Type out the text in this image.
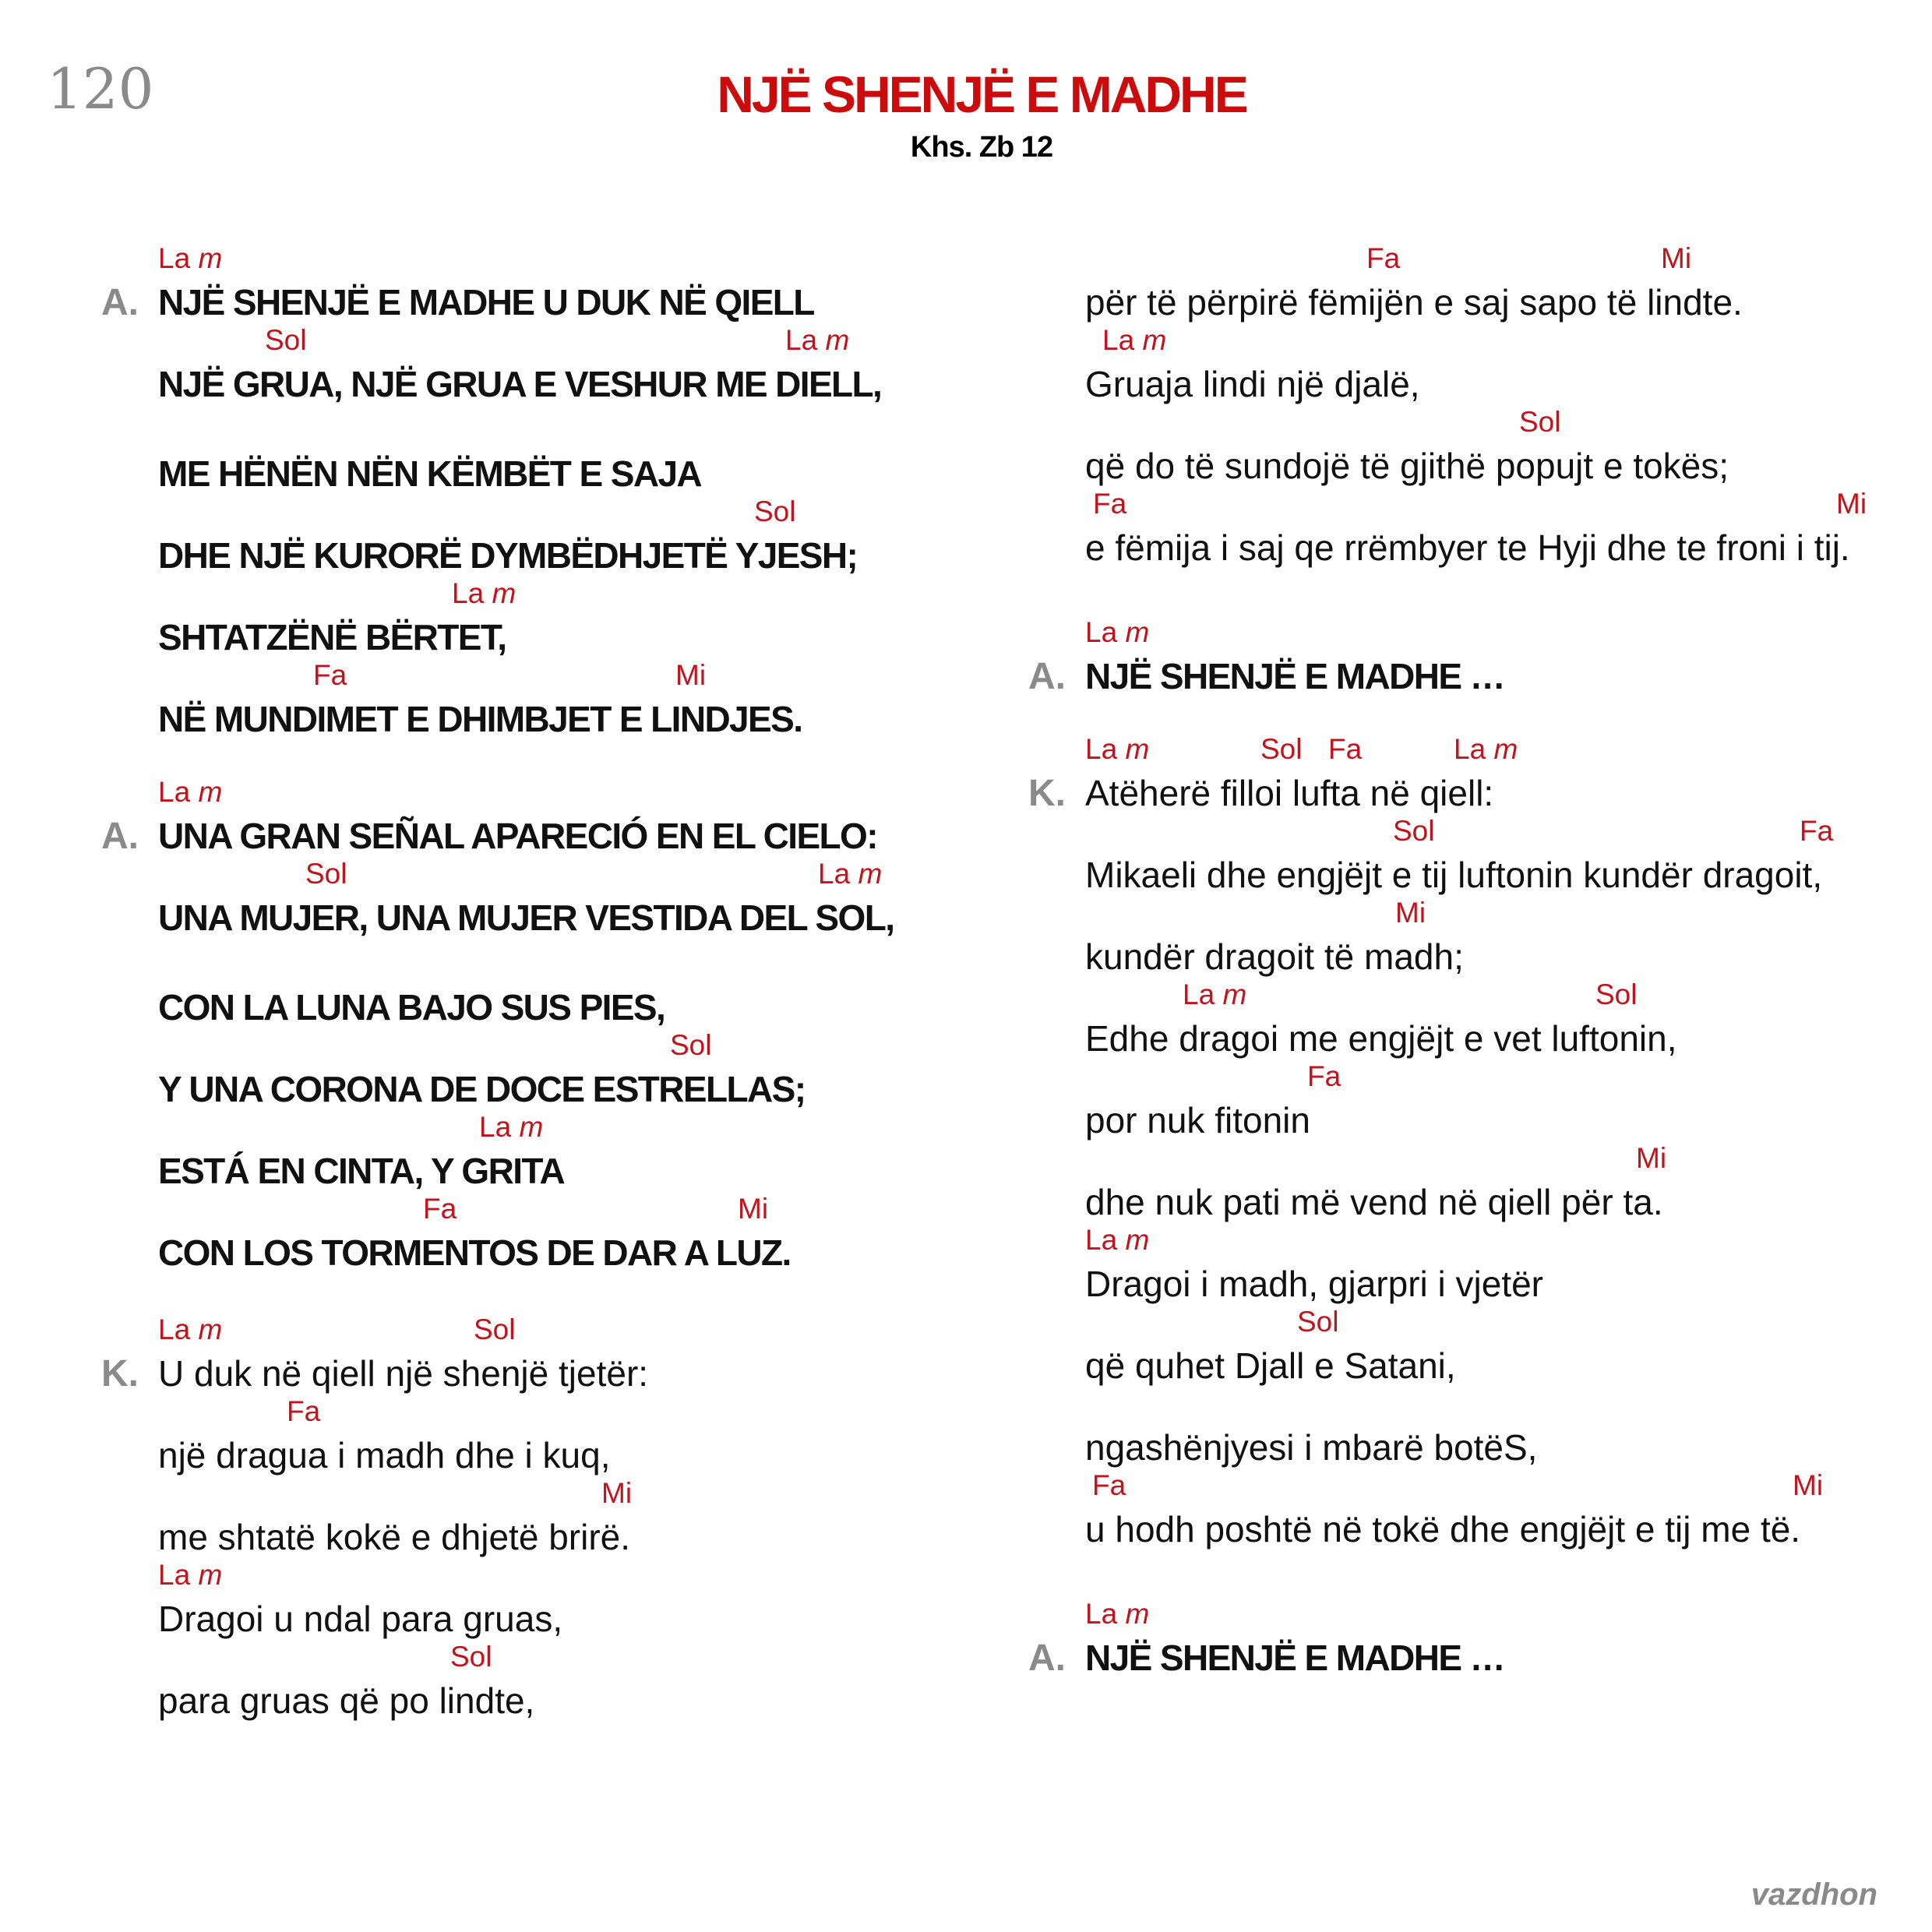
120	NJË SHENJË E MADHE
Khs. Zb 12
La m
A. NJË SHENJË E MADHE U DUK NË QIELL
Sol	La m
NJË GRUA, NJË GRUA E VESHUR ME DIELL,
ME HËNËN NËN KËMBËT E SAJA
Sol
DHE NJË KURORË DYMBËDHJETË YJESH;
La m
SHTATZËNË BËRTET,
Fa	Mi
NË MUNDIMET E DHIMBJET E LINDJES.
La m
A. UNA GRAN SEÑAL APARECIÓ EN EL CIELO:
Sol	La m
UNA MUJER, UNA MUJER VESTIDA DEL SOL,
CON LA LUNA BAJO SUS PIES,
Sol
Y UNA CORONA DE DOCE ESTRELLAS;
La m
ESTÁ EN CINTA, Y GRITA
Fa	Mi
CON LOS TORMENTOS DE DAR A LUZ.
La m	Sol
K. U duk në qiell një shenjë tjetër:
Fa
një dragua i madh dhe i kuq,
Mi
me shtatë kokë e dhjetë brirë.
La m
Dragoi u ndal para gruas,
Sol
para gruas që po lindte,
Fa	Mi
për të përpirë fëmijën e saj sapo të lindte.
La m
Gruaja lindi një djalë,
Sol
që do të sundojë të gjithë popujt e tokës;
Fa	Mi
e fëmija i saj qe rrëmbyer te Hyji dhe te froni i tij.
La m
A. NJË SHENJË E MADHE …
La m	Sol Fa	La m
K. Atëherë filloi lufta në qiell:
Sol	Fa
Mikaeli dhe engjëjt e tij luftonin kundër dragoit,
Mi
kundër dragoit të madh;
La m	Sol
Edhe dragoi me engjëjt e vet luftonin,
Fa
por nuk fitonin
Mi
dhe nuk pati më vend në qiell për ta.
La m
Dragoi i madh, gjarpri i vjetër
Sol
që quhet Djall e Satani,
ngashënjyesi i mbarë botëS,
Fa	Mi
u hodh poshtë në tokë dhe engjëjt e tij me të.
La m
A. NJË SHENJË E MADHE …
vazdhon
